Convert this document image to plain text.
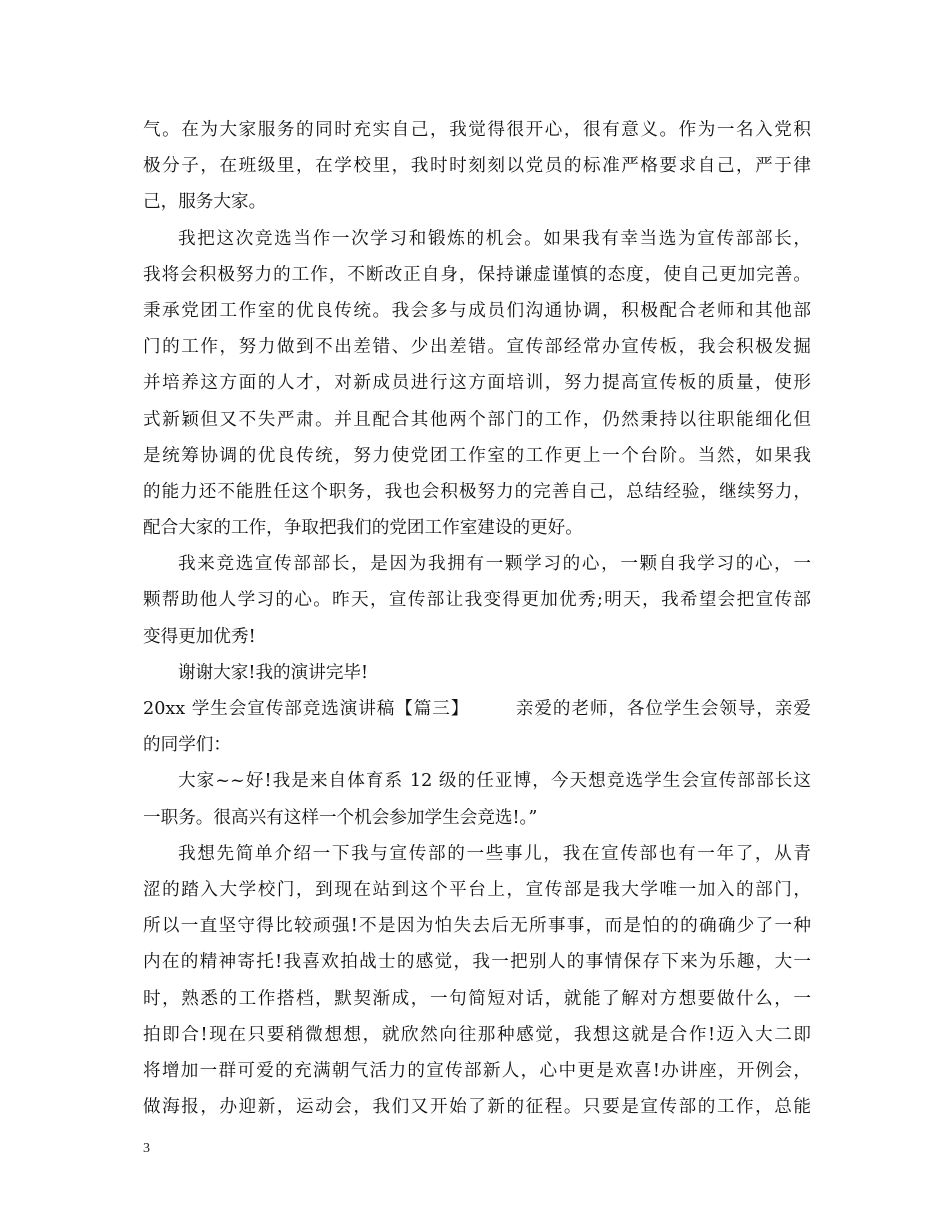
气。在为大家服务的同时充实自己，我觉得很开心，很有意义。作为一名入党积
极分子，在班级里，在学校里，我时时刻刻以党员的标准严格要求自己，严于律
己，服务大家。
我把这次竞选当作一次学习和锻炼的机会。如果我有幸当选为宣传部部长，
我将会积极努力的工作，不断改正自身，保持谦虚谨慎的态度，使自己更加完善。
秉承党团工作室的优良传统。我会多与成员们沟通协调，积极配合老师和其他部
门的工作，努力做到不出差错、少出差错。宣传部经常办宣传板，我会积极发掘
并培养这方面的人才，对新成员进行这方面培训，努力提高宣传板的质量，使形
式新颖但又不失严肃。并且配合其他两个部门的工作，仍然秉持以往职能细化但
是统筹协调的优良传统，努力使党团工作室的工作更上一个台阶。当然，如果我
的能力还不能胜任这个职务，我也会积极努力的完善自己，总结经验，继续努力，
配合大家的工作，争取把我们的党团工作室建设的更好。
我来竞选宣传部部长，是因为我拥有一颗学习的心，一颗自我学习的心，一
颗帮助他人学习的心。昨天，宣传部让我变得更加优秀;明天，我希望会把宣传部
变得更加优秀!
谢谢大家!我的演讲完毕!
20xx 学生会宣传部竞选演讲稿【篇三】　　　亲爱的老师，各位学生会领导，亲爱
的同学们：
大家~~好!我是来自体育系 12 级的任亚博，今天想竞选学生会宣传部部长这
一职务。很高兴有这样一个机会参加学生会竞选!。”
我想先简单介绍一下我与宣传部的一些事儿，我在宣传部也有一年了，从青
涩的踏入大学校门，到现在站到这个平台上，宣传部是我大学唯一加入的部门，
所以一直坚守得比较顽强!不是因为怕失去后无所事事，而是怕的的确确少了一种
内在的精神寄托!我喜欢拍战士的感觉，我一把别人的事情保存下来为乐趣，大一
时，熟悉的工作搭档，默契渐成，一句简短对话，就能了解对方想要做什么，一
拍即合!现在只要稍微想想，就欣然向往那种感觉，我想这就是合作!迈入大二即
将增加一群可爱的充满朝气活力的宣传部新人，心中更是欢喜!办讲座，开例会，
做海报，办迎新，运动会，我们又开始了新的征程。只要是宣传部的工作，总能
3
